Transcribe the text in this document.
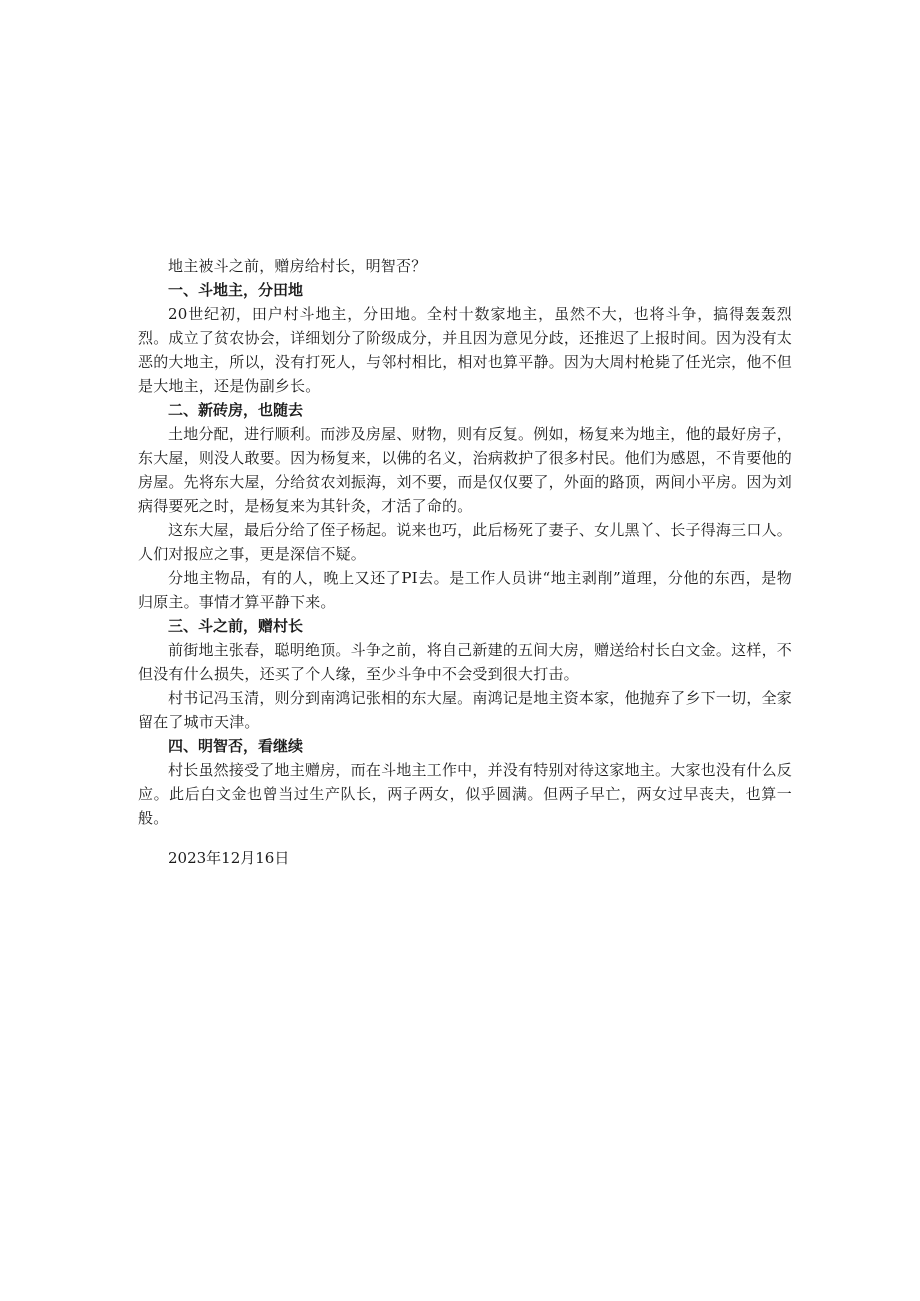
地主被斗之前，赠房给村长，明智否？

一、斗地主，分田地

20世纪初，田户村斗地主，分田地。全村十数家地主，虽然不大，也将斗争，搞得轰轰烈烈。成立了贫农协会，详细划分了阶级成分，并且因为意见分歧，还推迟了上报时间。因为没有太恶的大地主，所以，没有打死人，与邻村相比，相对也算平静。因为大周村枪毙了任光宗，他不但是大地主，还是伪副乡长。

二、新砖房，也随去

土地分配，进行顺利。而涉及房屋、财物，则有反复。例如，杨复来为地主，他的最好房子，东大屋，则没人敢要。因为杨复来，以佛的名义，治病救护了很多村民。他们为感恩，不肯要他的房屋。先将东大屋，分给贫农刘振海，刘不要，而是仅仅要了，外面的路顶，两间小平房。因为刘病得要死之时，是杨复来为其针灸，才活了命的。

这东大屋，最后分给了侄子杨起。说来也巧，此后杨死了妻子、女儿黑丫、长子得海三口人。人们对报应之事，更是深信不疑。

分地主物品，有的人，晚上又还了PI去。是工作人员讲“地主剥削”道理，分他的东西，是物归原主。事情才算平静下来。

三、斗之前，赠村长

前街地主张春，聪明绝顶。斗争之前，将自己新建的五间大房，赠送给村长白文金。这样，不但没有什么损失，还买了个人缘，至少斗争中不会受到很大打击。

村书记冯玉清，则分到南鸿记张相的东大屋。南鸿记是地主资本家，他抛弃了乡下一切，全家留在了城市天津。

四、明智否，看继续

村长虽然接受了地主赠房，而在斗地主工作中，并没有特别对待这家地主。大家也没有什么反应。此后白文金也曾当过生产队长，两子两女，似乎圆满。但两子早亡，两女过早丧夫，也算一般。

2023年12月16日
